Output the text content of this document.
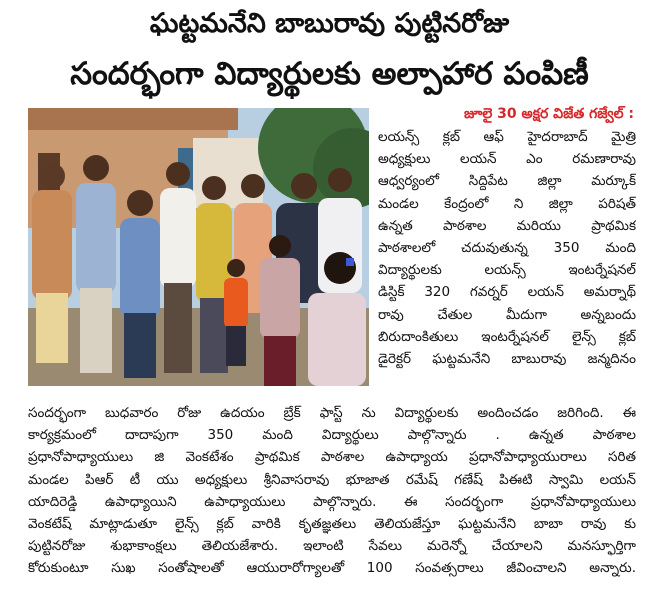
ఘట్టమనేని బాబురావు పుట్టినరోజు
సందర్భంగా విద్యార్థులకు అల్పాహార పంపిణీ
జూలై 30 అక్షర విజేత గజ్వేల్ :
లయన్స్ క్లబ్ ఆఫ్ హైదరాబాద్ మైత్రి
అధ్యక్షులు లయన్ ఎం రమణారావు
ఆధ్వర్యంలో సిద్దిపేట జిల్లా మర్కూక్
మండల కేంద్రంలో ని జిల్లా పరిషత్
ఉన్నత పాఠశాల మరియు ప్రాథమిక
పాఠశాలలో చదువుతున్న 350 మంది
విద్యార్థులకు లయన్స్ ఇంటర్నేషనల్
డిస్టిక్ 320 గవర్నర్ లయన్ అమర్నాథ్
రావు చేతుల మీదుగా అన్నబందు
బిరుదాంకితులు ఇంటర్నేషనల్ లైన్స్ క్లబ్
డైరెక్టర్ ఘట్టమనేని బాబురావు జన్మదినం
సందర్భంగా బుధవారం రోజు ఉదయం బ్రేక్ ఫాస్ట్ ను విద్యార్థులకు అందించడం జరిగింది. ఈ
కార్యక్రమంలో దాదాపుగా 350 మంది విద్యార్థులు పాల్గొన్నారు . ఉన్నత పాఠశాల
ప్రధానోపాధ్యాయులు జి వెంకటేశం ప్రాథమిక పాఠశాల ఉపాధ్యాయ ప్రధానోపాధ్యాయురాలు సరిత
మండల పిఆర్ టీ యు అధ్యక్షులు శ్రీనివాసరావు భూజాత రమేష్ గణేష్ పిఈటి స్వామి లయన్
యాదిరెడ్డి ఉపాధ్యాయిని ఉపాధ్యాయులు పాల్గొన్నారు. ఈ సందర్భంగా ప్రధానోపాధ్యాయులు
వెంకటేష్ మాట్లాడుతూ లైన్స్ క్లబ్ వారికి కృతజ్ఞతలు తెలియజేస్తూ ఘట్టమనేని బాబా రావు కు
పుట్టినరోజు శుభాకాంక్షలు తెలియజేశారు. ఇలాంటి సేవలు మరెన్నో చేయాలని మనస్ఫూర్తిగా
కోరుకుంటూ సుఖ సంతోషాలతో ఆయురారోగ్యాలతో 100 సంవత్సరాలు జీవించాలని అన్నారు.
